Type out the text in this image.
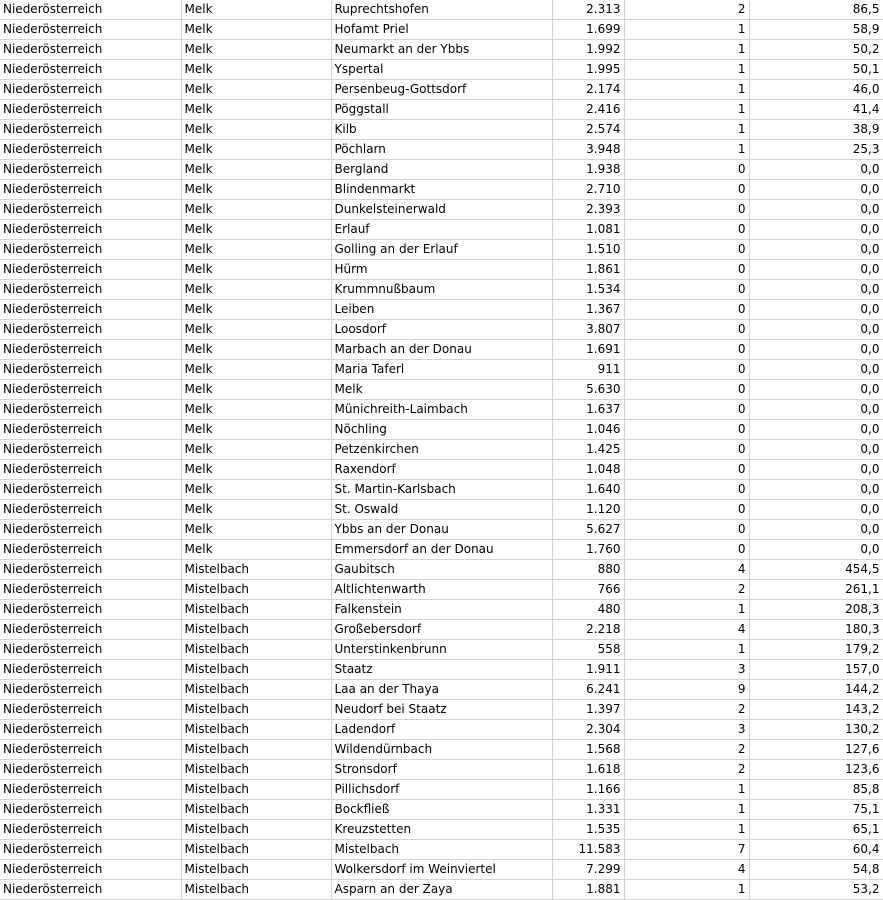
Niederösterreich	Melk	Ruprechtshofen	2.313	2	86,5
Niederösterreich	Melk	Hofamt Priel	1.699	1	58,9
Niederösterreich	Melk	Neumarkt an der Ybbs	1.992	1	50,2
Niederösterreich	Melk	Yspertal	1.995	1	50,1
Niederösterreich	Melk	Persenbeug-Gottsdorf	2.174	1	46,0
Niederösterreich	Melk	Pöggstall	2.416	1	41,4
Niederösterreich	Melk	Kilb	2.574	1	38,9
Niederösterreich	Melk	Pöchlarn	3.948	1	25,3
Niederösterreich	Melk	Bergland	1.938	0	0,0
Niederösterreich	Melk	Blindenmarkt	2.710	0	0,0
Niederösterreich	Melk	Dunkelsteinerwald	2.393	0	0,0
Niederösterreich	Melk	Erlauf	1.081	0	0,0
Niederösterreich	Melk	Golling an der Erlauf	1.510	0	0,0
Niederösterreich	Melk	Hürm	1.861	0	0,0
Niederösterreich	Melk	Krummnußbaum	1.534	0	0,0
Niederösterreich	Melk	Leiben	1.367	0	0,0
Niederösterreich	Melk	Loosdorf	3.807	0	0,0
Niederösterreich	Melk	Marbach an der Donau	1.691	0	0,0
Niederösterreich	Melk	Maria Taferl	911	0	0,0
Niederösterreich	Melk	Melk	5.630	0	0,0
Niederösterreich	Melk	Münichreith-Laimbach	1.637	0	0,0
Niederösterreich	Melk	Nöchling	1.046	0	0,0
Niederösterreich	Melk	Petzenkirchen	1.425	0	0,0
Niederösterreich	Melk	Raxendorf	1.048	0	0,0
Niederösterreich	Melk	St. Martin-Karlsbach	1.640	0	0,0
Niederösterreich	Melk	St. Oswald	1.120	0	0,0
Niederösterreich	Melk	Ybbs an der Donau	5.627	0	0,0
Niederösterreich	Melk	Emmersdorf an der Donau	1.760	0	0,0
Niederösterreich	Mistelbach	Gaubitsch	880	4	454,5
Niederösterreich	Mistelbach	Altlichtenwarth	766	2	261,1
Niederösterreich	Mistelbach	Falkenstein	480	1	208,3
Niederösterreich	Mistelbach	Großebersdorf	2.218	4	180,3
Niederösterreich	Mistelbach	Unterstinkenbrunn	558	1	179,2
Niederösterreich	Mistelbach	Staatz	1.911	3	157,0
Niederösterreich	Mistelbach	Laa an der Thaya	6.241	9	144,2
Niederösterreich	Mistelbach	Neudorf bei Staatz	1.397	2	143,2
Niederösterreich	Mistelbach	Ladendorf	2.304	3	130,2
Niederösterreich	Mistelbach	Wildendürnbach	1.568	2	127,6
Niederösterreich	Mistelbach	Stronsdorf	1.618	2	123,6
Niederösterreich	Mistelbach	Pillichsdorf	1.166	1	85,8
Niederösterreich	Mistelbach	Bockfließ	1.331	1	75,1
Niederösterreich	Mistelbach	Kreuzstetten	1.535	1	65,1
Niederösterreich	Mistelbach	Mistelbach	11.583	7	60,4
Niederösterreich	Mistelbach	Wolkersdorf im Weinviertel	7.299	4	54,8
Niederösterreich	Mistelbach	Asparn an der Zaya	1.881	1	53,2
